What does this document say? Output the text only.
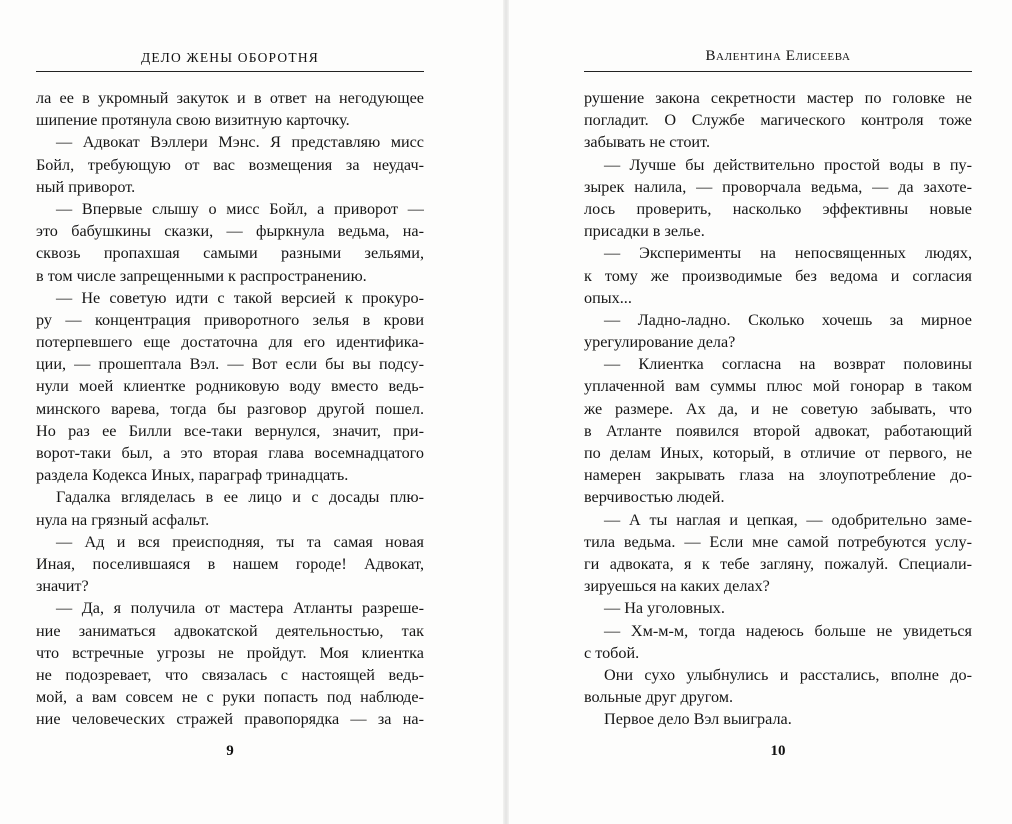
ДЕЛО ЖЕНЫ ОБОРОТНЯ
ла ее в укромный закуток и в ответ на негодующее
шипение протянула свою визитную карточку.
— Адвокат Вэллери Мэнс. Я представляю мисс
Бойл, требующую от вас возмещения за неудач-
ный приворот.
— Впервые слышу о мисс Бойл, а приворот —
это бабушкины сказки, — фыркнула ведьма, на-
сквозь пропахшая самыми разными зельями,
в том числе запрещенными к распространению.
— Не советую идти с такой версией к прокуро-
ру — концентрация приворотного зелья в крови
потерпевшего еще достаточна для его идентифика-
ции, — прошептала Вэл. — Вот если бы вы подсу-
нули моей клиентке родниковую воду вместо ведь-
минского варева, тогда бы разговор другой пошел.
Но раз ее Билли все-таки вернулся, значит, при-
ворот-таки был, а это вторая глава восемнадцатого
раздела Кодекса Иных, параграф тринадцать.
Гадалка вгляделась в ее лицо и с досады плю-
нула на грязный асфальт.
— Ад и вся преисподняя, ты та самая новая
Иная, поселившаяся в нашем городе! Адвокат,
значит?
— Да, я получила от мастера Атланты разреше-
ние заниматься адвокатской деятельностью, так
что встречные угрозы не пройдут. Моя клиентка
не подозревает, что связалась с настоящей ведь-
мой, а вам совсем не с руки попасть под наблюде-
ние человеческих стражей правопорядка — за на-
9
Валентина Елисеева
рушение закона секретности мастер по головке не
погладит. О Службе магического контроля тоже
забывать не стоит.
— Лучше бы действительно простой воды в пу-
зырек налила, — проворчала ведьма, — да захоте-
лось проверить, насколько эффективны новые
присадки в зелье.
— Эксперименты на непосвященных людях,
к тому же производимые без ведома и согласия
опых...
— Ладно-ладно. Сколько хочешь за мирное
урегулирование дела?
— Клиентка согласна на возврат половины
уплаченной вам суммы плюс мой гонорар в таком
же размере. Ах да, и не советую забывать, что
в Атланте появился второй адвокат, работающий
по делам Иных, который, в отличие от первого, не
намерен закрывать глаза на злоупотребление до-
верчивостью людей.
— А ты наглая и цепкая, — одобрительно заме-
тила ведьма. — Если мне самой потребуются услу-
ги адвоката, я к тебе загляну, пожалуй. Специали-
зируешься на каких делах?
— На уголовных.
— Хм-м-м, тогда надеюсь больше не увидеться
с тобой.
Они сухо улыбнулись и расстались, вполне до-
вольные друг другом.
Первое дело Вэл выиграла.
10
